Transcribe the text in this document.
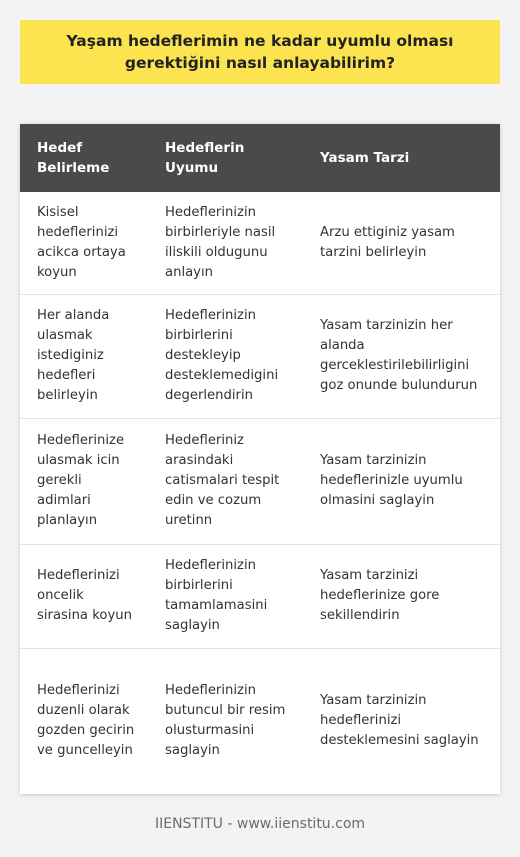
Yaşam hedeflerimin ne kadar uyumlu olması gerektiğini nasıl anlayabilirim?
Hedef Belirleme	Hedeflerin Uyumu	Yasam Tarzi
Kisisel hedeflerinizi acikca ortaya koyun	Hedeflerinizin birbirleriyle nasil iliskili oldugunu anlayın	Arzu ettiginiz yasam tarzini belirleyin
Her alanda ulasmak istediginiz hedefleri belirleyin	Hedeflerinizin birbirlerini destekleyip desteklemedigini degerlendirin	Yasam tarzinizin her alanda gerceklestirilebilirligini goz onunde bulundurun
Hedeflerinize ulasmak icin gerekli adimlari planlayın	Hedefleriniz arasindaki catismalari tespit edin ve cozum uretinn	Yasam tarzinizin hedeflerinizle uyumlu olmasini saglayin
Hedeflerinizi oncelik sirasina koyun	Hedeflerinizin birbirlerini tamamlamasini saglayin	Yasam tarzinizi hedeflerinize gore sekillendirin
Hedeflerinizi duzenli olarak gozden gecirin ve guncelleyin	Hedeflerinizin butuncul bir resim olusturmasini saglayin	Yasam tarzinizin hedeflerinizi desteklemesini saglayin
IIENSTITU - www.iienstitu.com
